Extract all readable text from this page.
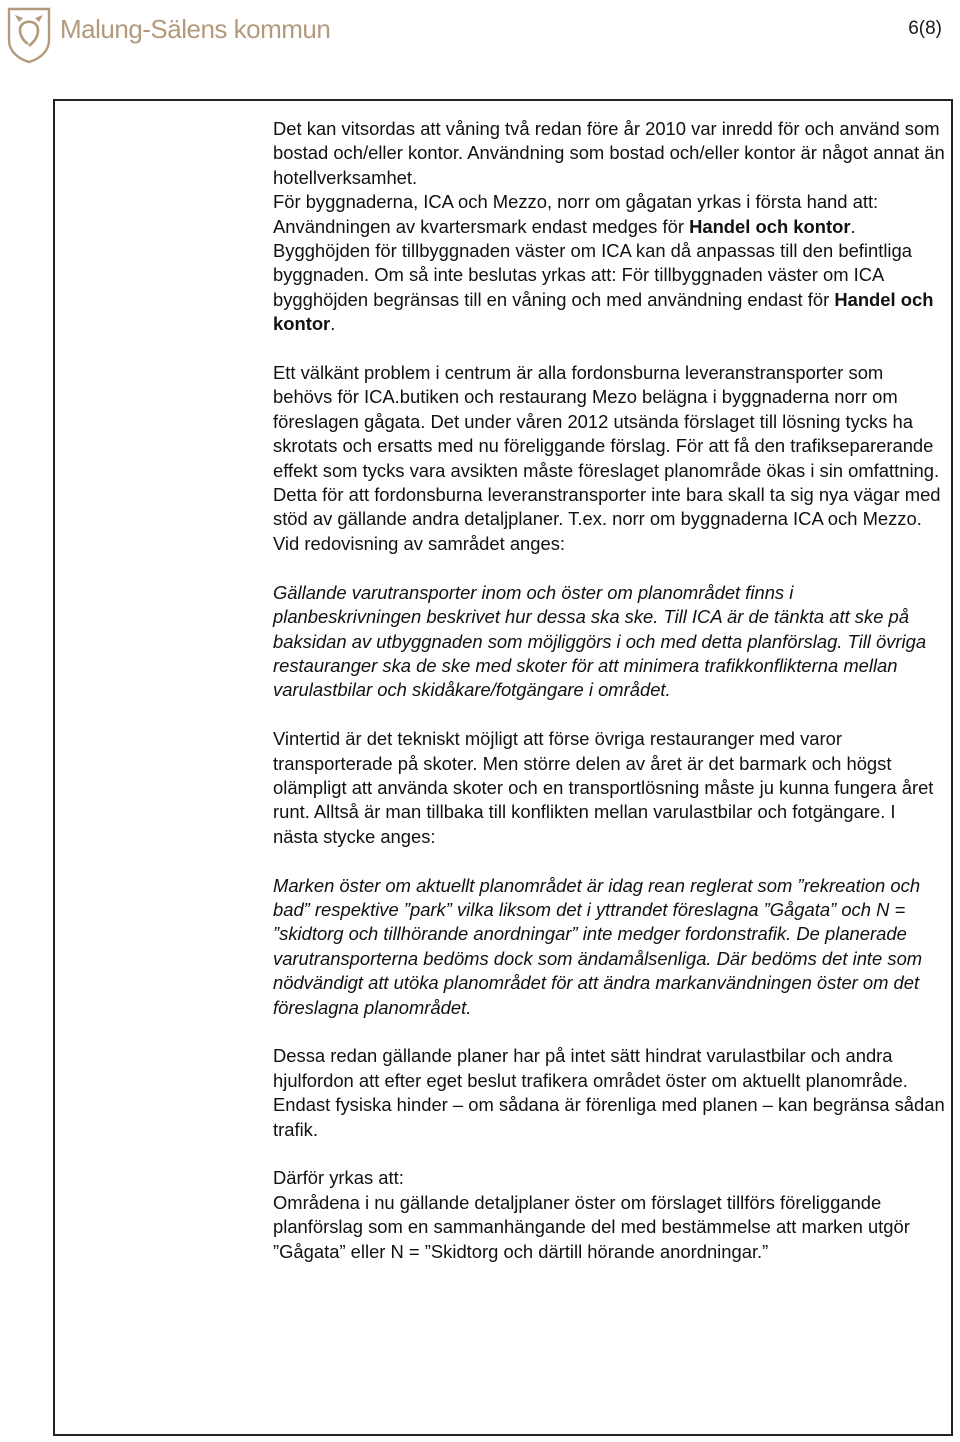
Malung-Sälens kommun	6(8)

Det kan vitsordas att våning två redan före år 2010 var inredd för och använd som bostad och/eller kontor. Användning som bostad och/eller kontor är något annat än hotellverksamhet.

För byggnaderna, ICA och Mezzo, norr om gågatan yrkas i första hand att:

Användningen av kvartersmark endast medges för Handel och kontor.

Bygghöjden för tillbyggnaden väster om ICA kan då anpassas till den befintliga byggnaden. Om så inte beslutas yrkas att: För tillbyggnaden väster om ICA bygghöjden begränsas till en våning och med användning endast för Handel och kontor.

Ett välkänt problem i centrum är alla fordonsburna leveranstransporter som behövs för ICA.butiken och restaurang Mezo belägna i byggnaderna norr om föreslagen gågata. Det under våren 2012 utsända förslaget till lösning tycks ha skrotats och ersatts med nu föreliggande förslag. För att få den trafikseparerande effekt som tycks vara avsikten måste föreslaget planområde ökas i sin omfattning. Detta för att fordonsburna leveranstransporter inte bara skall ta sig nya vägar med stöd av gällande andra detaljplaner. T.ex. norr om byggnaderna ICA och Mezzo. Vid redovisning av samrådet anges:

Gällande varutransporter inom och öster om planområdet finns i planbeskrivningen beskrivet hur dessa ska ske. Till ICA är de tänkta att ske på baksidan av utbyggnaden som möjliggörs i och med detta planförslag. Till övriga restauranger ska de ske med skoter för att minimera trafikkonflikterna mellan varulastbilar och skidåkare/fotgängare i området.

Vintertid är det tekniskt möjligt att förse övriga restauranger med varor transporterade på skoter. Men större delen av året är det barmark och högst olämpligt att använda skoter och en transportlösning måste ju kunna fungera året runt. Alltså är man tillbaka till konflikten mellan varulastbilar och fotgängare. I nästa stycke anges:

Marken öster om aktuellt planområdet är idag rean reglerat som ”rekreation och bad” respektive ”park” vilka liksom det i yttrandet föreslagna ”Gågata” och N = ”skidtorg och tillhörande anordningar” inte medger fordonstrafik. De planerade varutransporterna bedöms dock som ändamålsenliga. Där bedöms det inte som nödvändigt att utöka planområdet för att ändra markanvändningen öster om det föreslagna planområdet.

Dessa redan gällande planer har på intet sätt hindrat varulastbilar och andra hjulfordon att efter eget beslut trafikera området öster om aktuellt planområde. Endast fysiska hinder – om sådana är förenliga med planen – kan begränsa sådan trafik.

Därför yrkas att:

Områdena i nu gällande detaljplaner öster om förslaget tillförs föreliggande planförslag som en sammanhängande del med bestämmelse att marken utgör ”Gågata” eller N = ”Skidtorg och därtill hörande anordningar.”
